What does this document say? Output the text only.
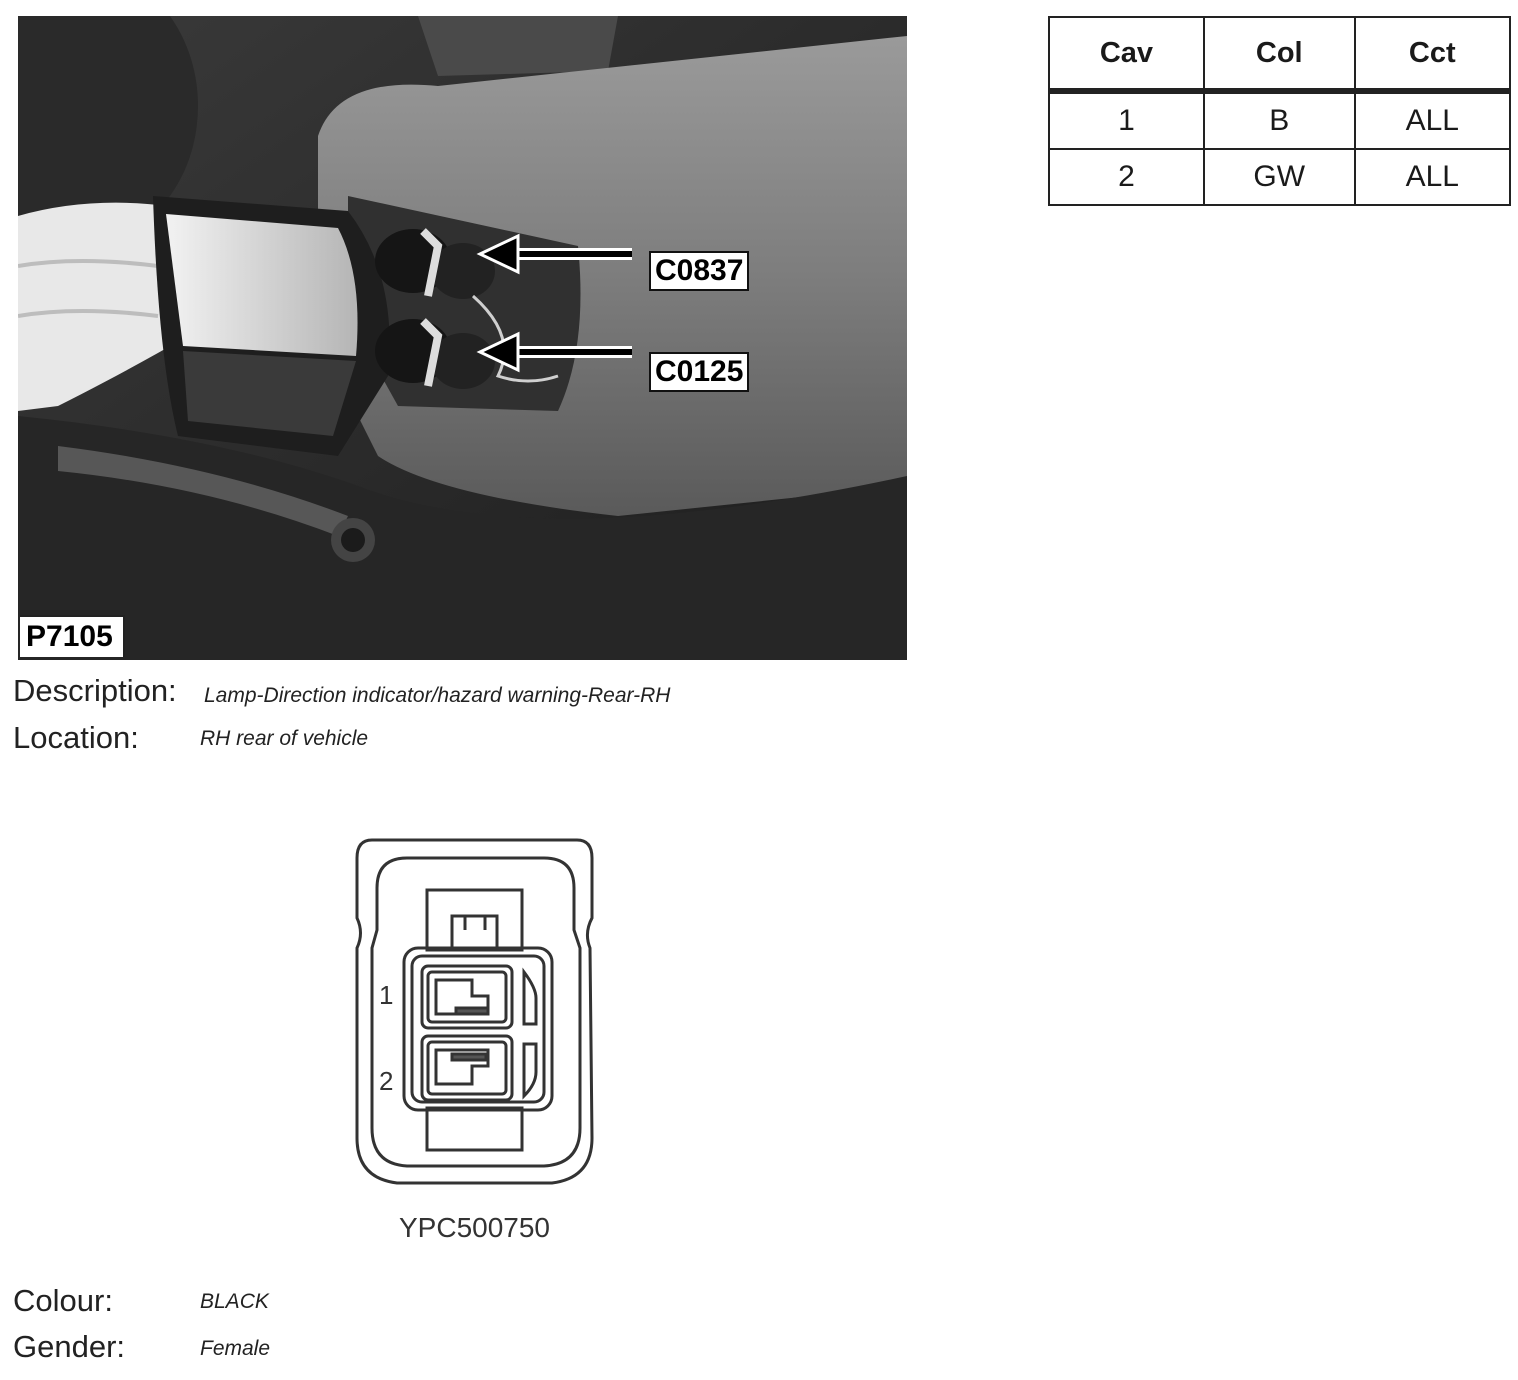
C0837
C0125
P7105
Cav	Col	Cct
1	B	ALL
2	GW	ALL
Description: Lamp-Direction indicator/hazard warning-Rear-RH
Location:	RH rear of vehicle
1
2
YPC500750
Colour:	BLACK
Gender:	Female
